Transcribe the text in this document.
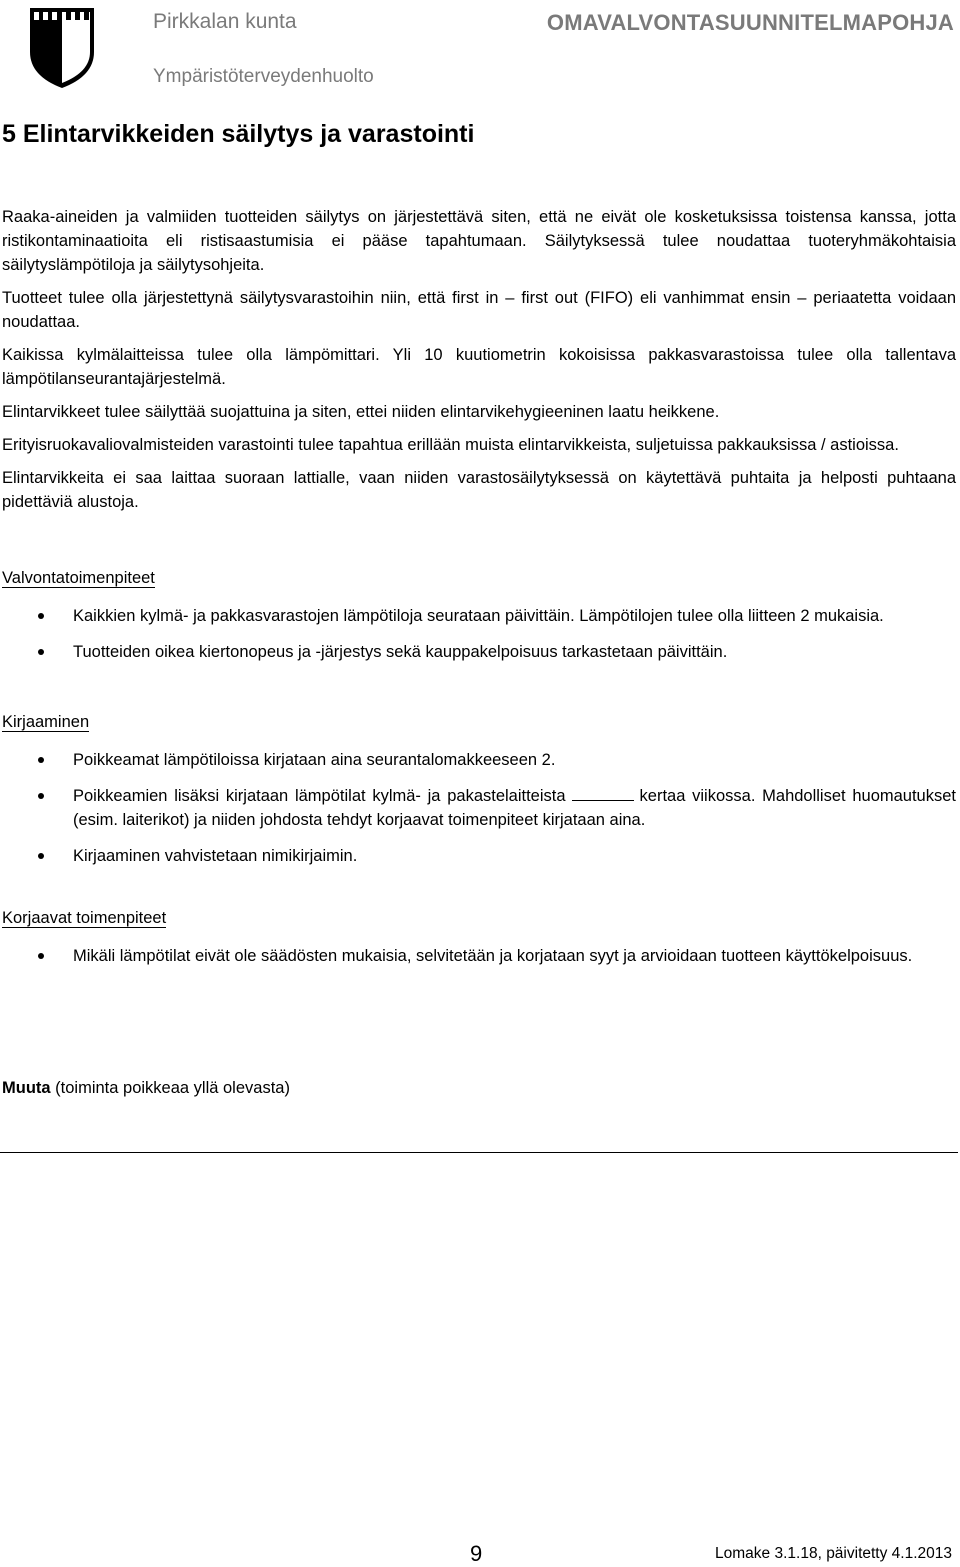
Pirkkalan kunta
Ympäristöterveydenhuolto
OMAVALVONTASUUNNITELMAPOHJA
5 Elintarvikkeiden säilytys ja varastointi

Raaka-aineiden ja valmiiden tuotteiden säilytys on järjestettävä siten, että ne eivät ole kosketuksissa toistensa kanssa, jotta ristikontaminaatioita eli ristisaastumisia ei pääse tapahtumaan. Säilytyksessä tulee noudattaa tuoteryhmäkohtaisia säilytyslämpötiloja ja säilytysohjeita.

Tuotteet tulee olla järjestettynä säilytysvarastoihin niin, että first in – first out (FIFO) eli vanhimmat ensin – periaatetta voidaan noudattaa.

Kaikissa kylmälaitteissa tulee olla lämpömittari. Yli 10 kuutiometrin kokoisissa pakkasvarastoissa tulee olla tallentava lämpötilanseurantajärjestelmä.

Elintarvikkeet tulee säilyttää suojattuina ja siten, ettei niiden elintarvikehygieeninen laatu heikkene.

Erityisruokavaliovalmisteiden varastointi tulee tapahtua erillään muista elintarvikkeista, suljetuissa pakkauksissa / astioissa.

Elintarvikkeita ei saa laittaa suoraan lattialle, vaan niiden varastosäilytyksessä on käytettävä puhtaita ja helposti puhtaana pidettäviä alustoja.

Valvontatoimenpiteet
Kaikkien kylmä- ja pakkasvarastojen lämpötiloja seurataan päivittäin. Lämpötilojen tulee olla liitteen 2 mukaisia.
Tuotteiden oikea kiertonopeus ja -järjestys sekä kauppakelpoisuus tarkastetaan päivittäin.
Kirjaaminen
Poikkeamat lämpötiloissa kirjataan aina seurantalomakkeeseen 2.
Poikkeamien lisäksi kirjataan lämpötilat kylmä- ja pakastelaitteista	kertaa viikossa. Mahdolliset huomautukset (esim. laiterikot) ja niiden johdosta tehdyt korjaavat toimenpiteet kirjataan aina.
Kirjaaminen vahvistetaan nimikirjaimin.
Korjaavat toimenpiteet
Mikäli lämpötilat eivät ole säädösten mukaisia, selvitetään ja korjataan syyt ja arvioidaan tuotteen käyttökelpoisuus.
Muuta (toiminta poikkeaa yllä olevasta)
9	Lomake 3.1.18, päivitetty 4.1.2013
